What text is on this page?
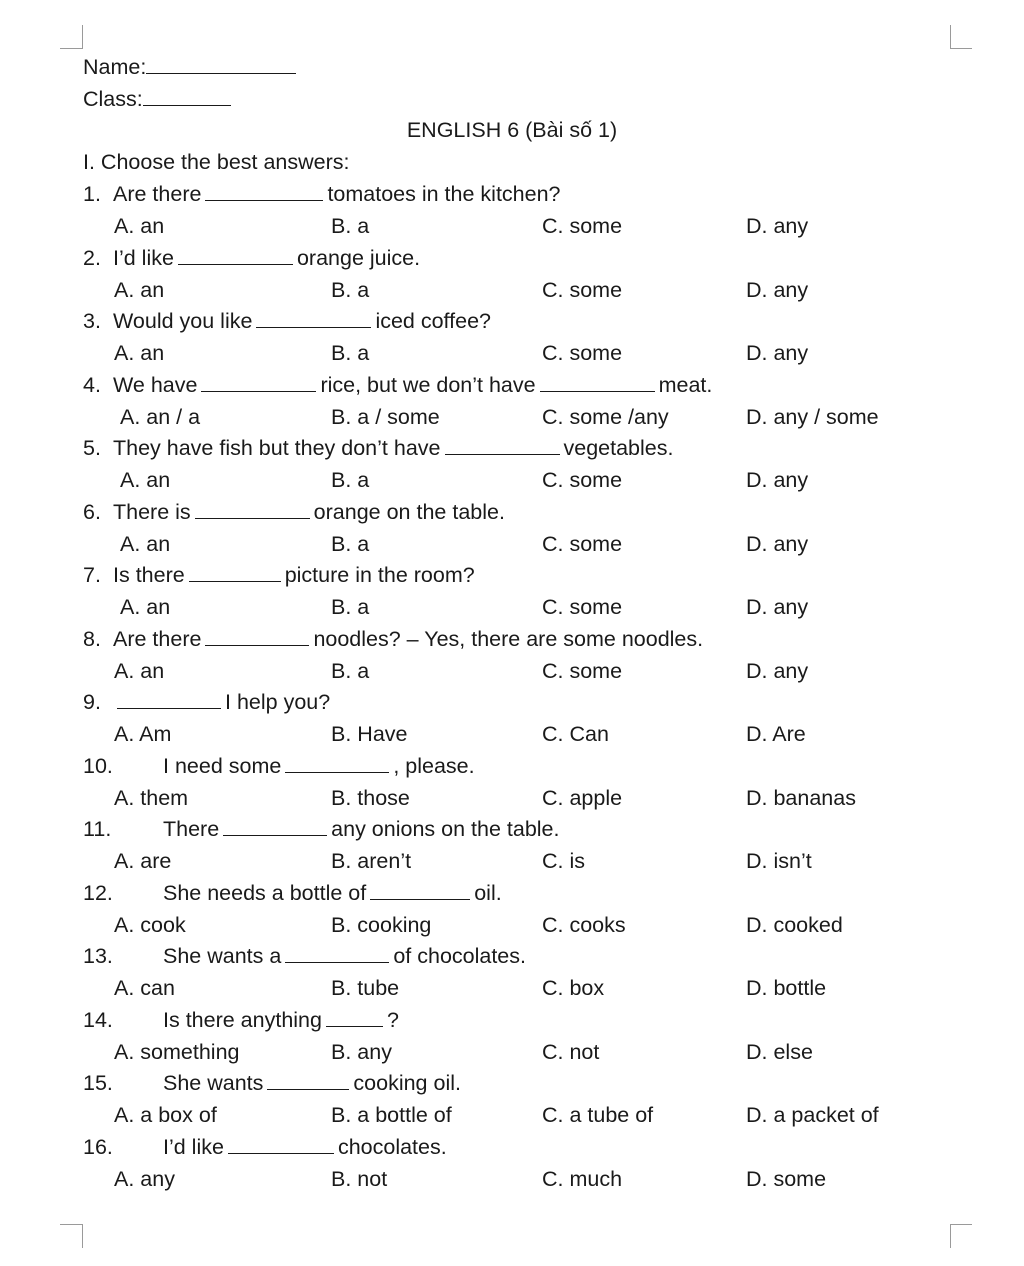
Name:
Class:
ENGLISH 6 (Bài số 1)
I. Choose the best answers:
1. Are there	tomatoes in the kitchen?
A. an	B. a	C. some	D. any
2. I’d like	orange juice.
A. an	B. a	C. some	D. any
3. Would you like	iced coffee?
A. an	B. a	C. some	D. any
4. We have	rice, but we don’t have	meat.
A. an / a	B. a / some	C. some /any	D. any / some
5. They have fish but they don’t have	vegetables.
A. an	B. a	C. some	D. any
6. There is	orange on the table.
A. an	B. a	C. some	D. any
7. Is there	picture in the room?
A. an	B. a	C. some	D. any
8. Are there	noodles? – Yes, there are some noodles.
A. an	B. a	C. some	D. any
9.	I help you?
A. Am	B. Have	C. Can	D. Are
10. I need some	, please.
A. them	B. those	C. apple	D. bananas
11. There	any onions on the table.
A. are	B. aren’t	C. is	D. isn’t
12. She needs a bottle of	oil.
A. cook	B. cooking	C. cooks	D. cooked
13. She wants a	of chocolates.
A. can	B. tube	C. box	D. bottle
14. Is there anything	?
A. something	B. any	C. not	D. else
15. She wants	cooking oil.
A. a box of	B. a bottle of	C. a tube of	D. a packet of
16. I’d like	chocolates.
A. any	B. not	C. much	D. some
